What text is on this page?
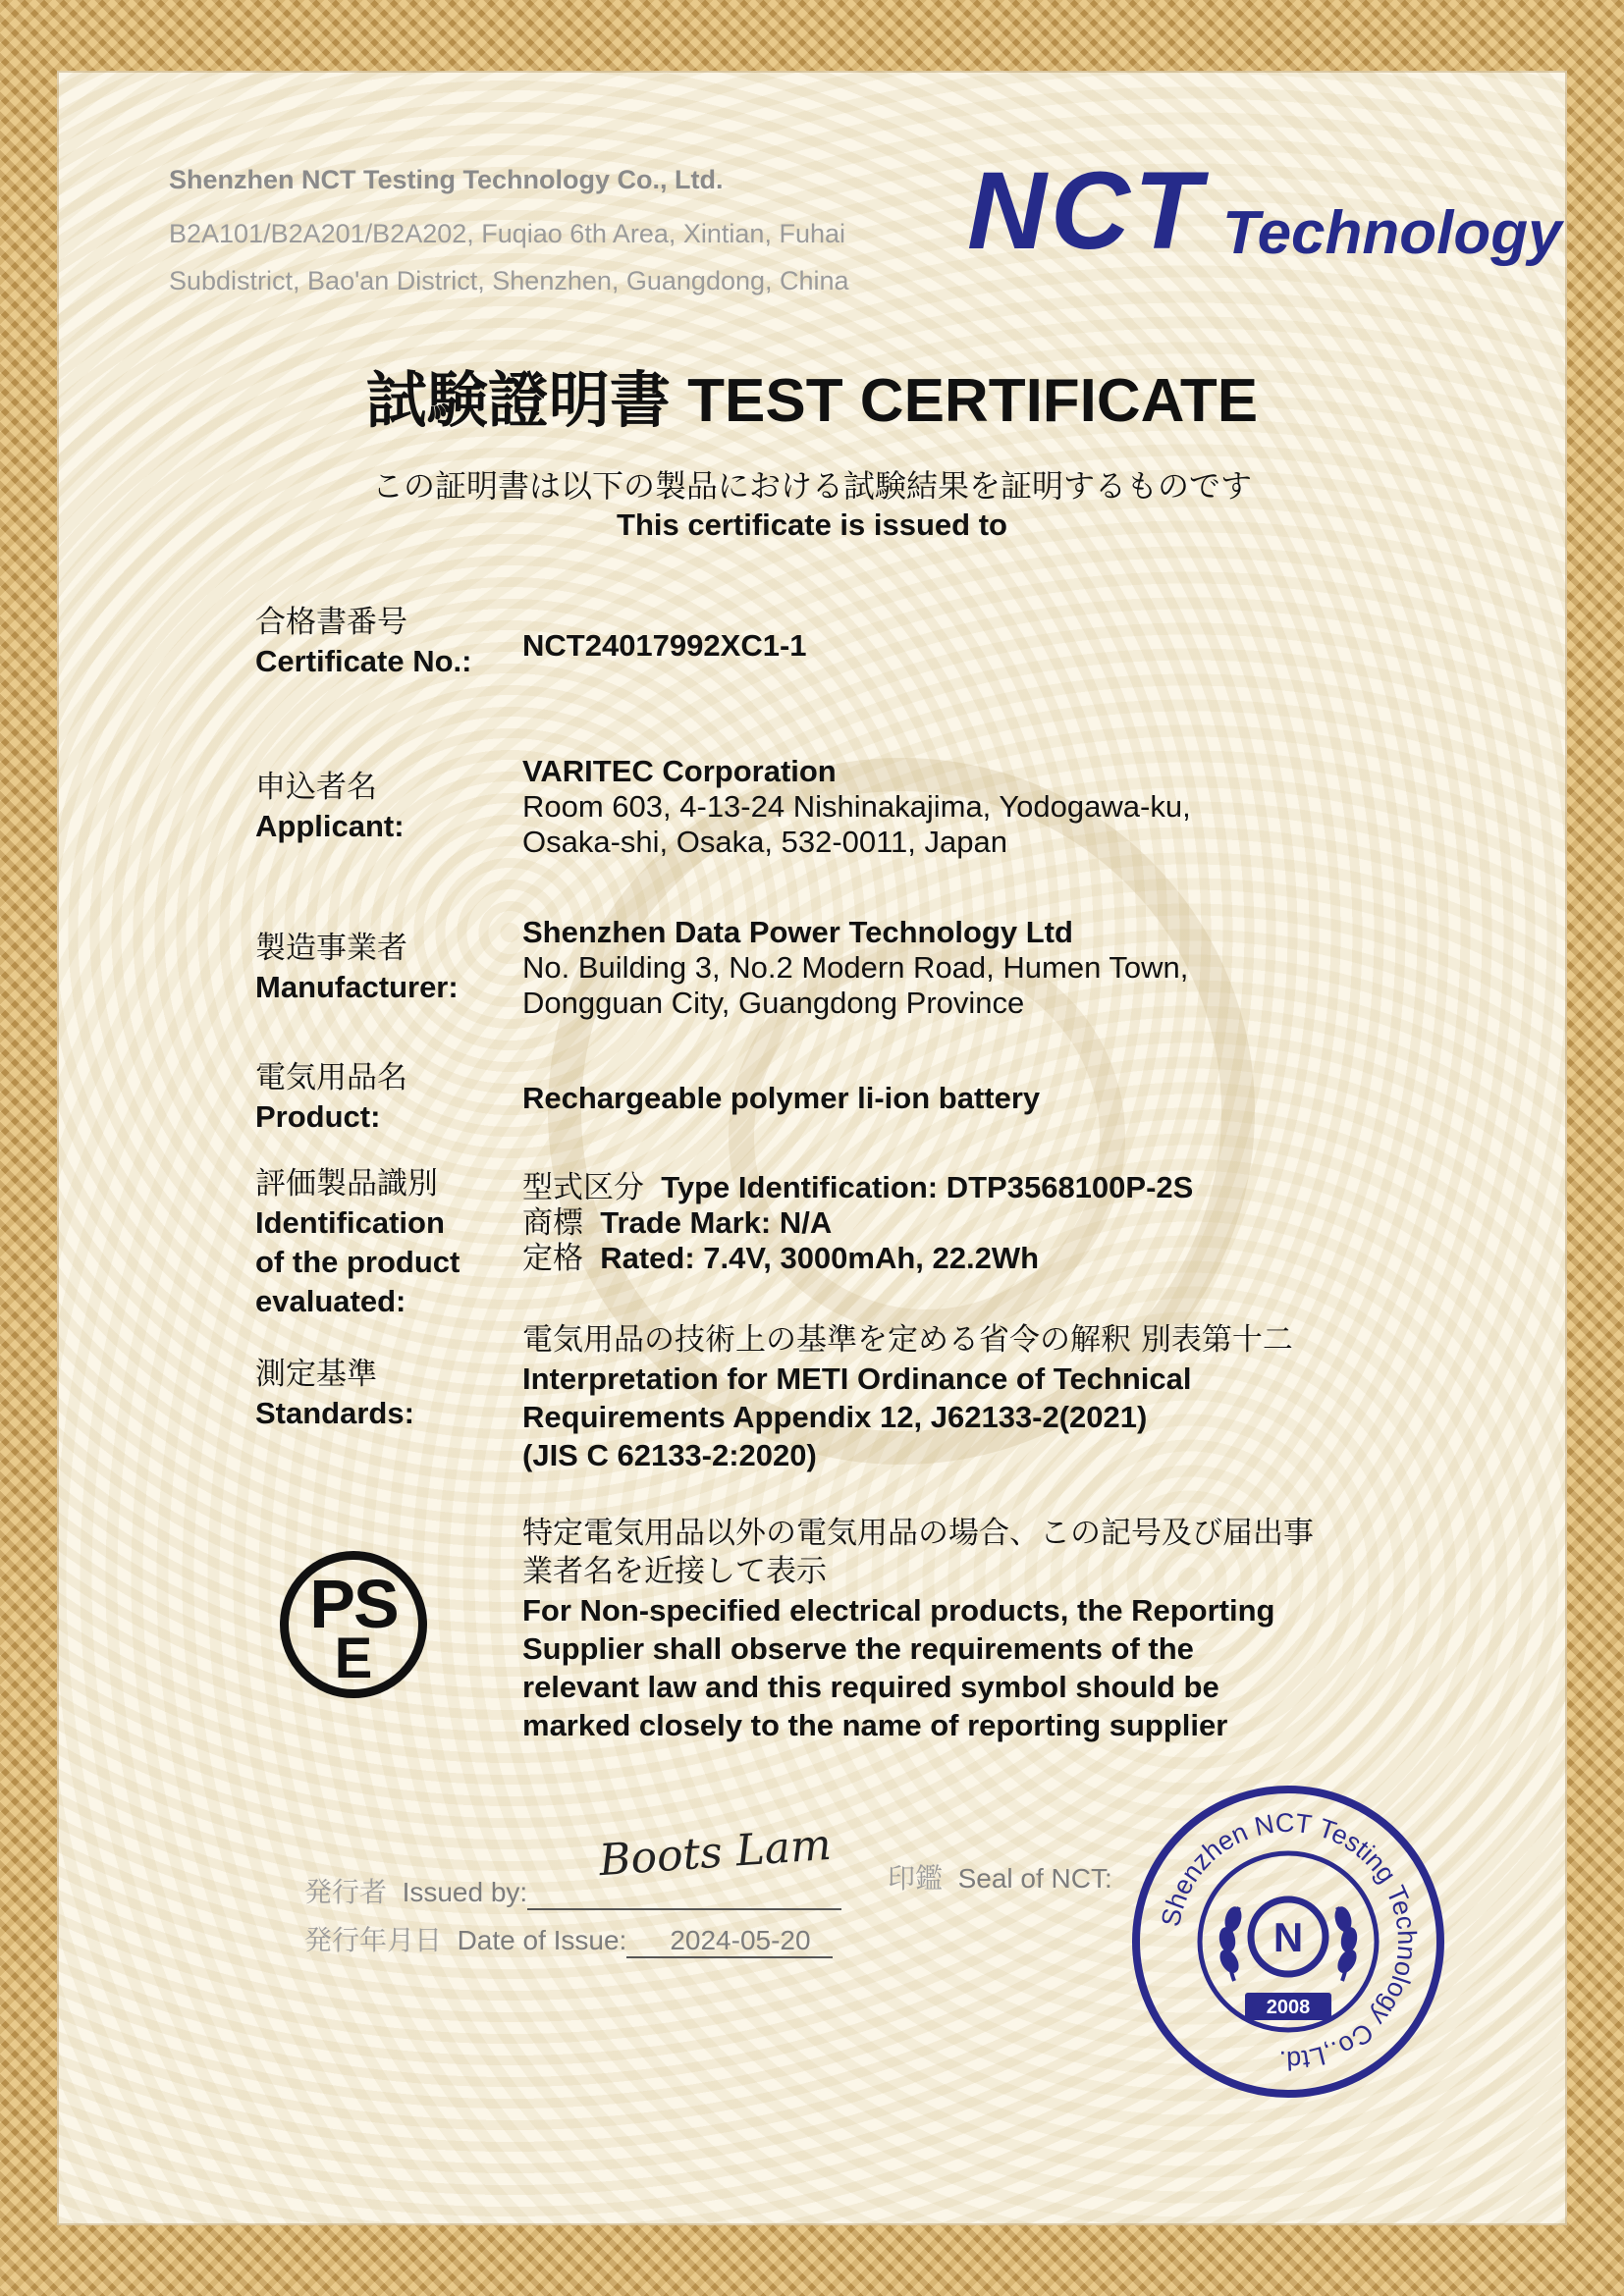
Shenzhen NCT Testing Technology Co., Ltd.
B2A101/B2A201/B2A202, Fuqiao 6th Area, Xintian, Fuhai
Subdistrict, Bao'an District, Shenzhen, Guangdong, China
NCT Technology
試験證明書 TEST CERTIFICATE
この証明書は以下の製品における試験結果を証明するものです
This certificate is issued to
合格書番号
Certificate No.: NCT24017992XC1-1
申込者名
Applicant:
VARITEC Corporation
Room 603, 4-13-24 Nishinakajima, Yodogawa-ku,
Osaka-shi, Osaka, 532-0011, Japan
製造事業者
Manufacturer:
Shenzhen Data Power Technology Ltd
No. Building 3, No.2 Modern Road, Humen Town,
Dongguan City, Guangdong Province
電気用品名
Product:
Rechargeable polymer li-ion battery
評価製品識別
Identification
of the product
evaluated:
型式区分 Type Identification: DTP3568100P-2S
商標 Trade Mark: N/A
定格 Rated: 7.4V, 3000mAh, 22.2Wh
測定基準
Standards:
電気用品の技術上の基準を定める省令の解釈 別表第十二
Interpretation for METI Ordinance of Technical
Requirements Appendix 12, J62133-2(2021)
(JIS C 62133-2:2020)
PS
E
特定電気用品以外の電気用品の場合、この記号及び届出事
業者名を近接して表示
For Non-specified electrical products, the Reporting
Supplier shall observe the requirements of the
relevant law and this required symbol should be
marked closely to the name of reporting supplier
発行者 Issued by:
Boots Lam
発行年月日 Date of Issue: 2024-05-20
印鑑 Seal of NCT:
Shenzhen NCT Testing Technology Co.,Ltd.
N
2008
